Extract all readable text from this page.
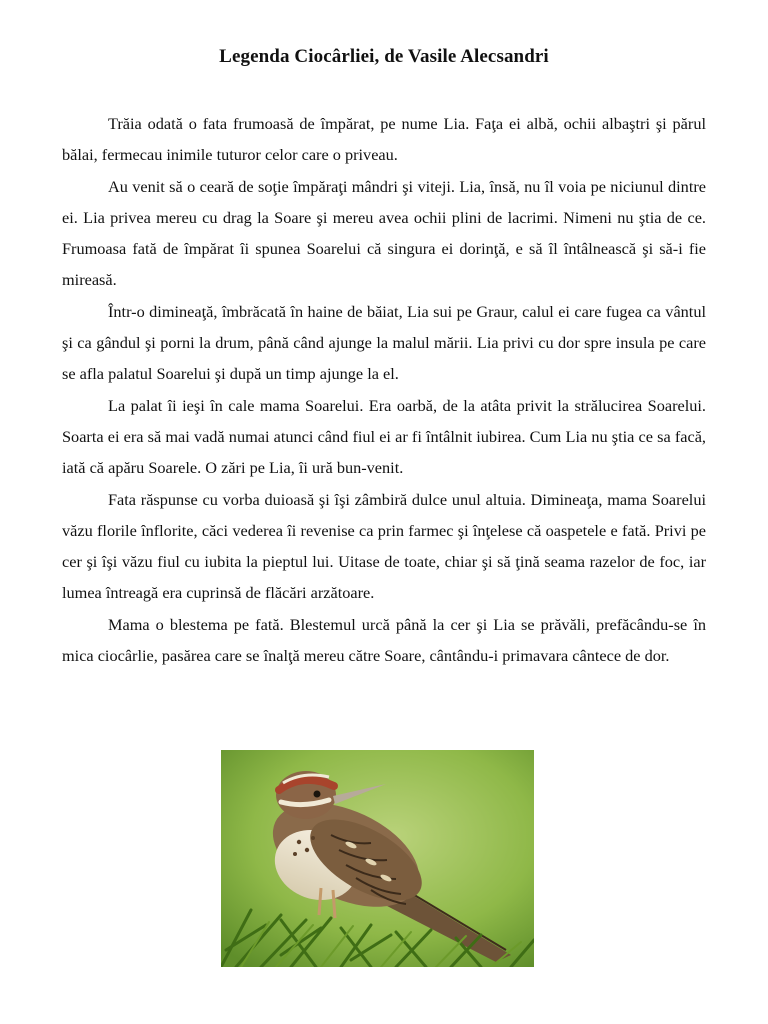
Legenda Ciocârliei, de Vasile Alecsandri

Trăia odată o fata frumoasă de împărat, pe nume Lia. Faţa ei albă, ochii albaştri şi părul bălai, fermecau inimile tuturor celor care o priveau.

Au venit să o ceară de soţie împăraţi mândri şi viteji. Lia, însă, nu îl voia pe niciunul dintre ei. Lia privea mereu cu drag la Soare şi mereu avea ochii plini de lacrimi. Nimeni nu ştia de ce. Frumoasa fată de împărat îi spunea Soarelui că singura ei dorinţă, e să îl întâlnească şi să-i fie mireasă.

Într-o dimineaţă, îmbrăcată în haine de băiat, Lia sui pe Graur, calul ei care fugea ca vântul şi ca gândul şi porni la drum, până când ajunge la malul mării. Lia privi cu dor spre insula pe care se afla palatul Soarelui şi după un timp ajunge la el.

La palat îi ieşi în cale mama Soarelui. Era oarbă, de la atâta privit la strălucirea Soarelui. Soarta ei era să mai vadă numai atunci când fiul ei ar fi întâlnit iubirea. Cum Lia nu ştia ce sa facă, iată că apăru Soarele. O zări pe Lia, îi ură bun-venit.

Fata răspunse cu vorba duioasă şi îşi zâmbiră dulce unul altuia. Dimineaţa, mama Soarelui văzu florile înflorite, căci vederea îi revenise ca prin farmec şi înţelese că oaspetele e fată. Privi pe cer şi îşi văzu fiul cu iubita la pieptul lui. Uitase de toate, chiar şi să ţină seama razelor de foc, iar lumea întreagă era cuprinsă de flăcări arzătoare.

Mama o blestema pe fată. Blestemul urcă până la cer şi Lia se prăvăli, prefăcându-se în mica ciocârlie, pasărea care se înalţă mereu către Soare, cântându-i primavara cântece de dor.
